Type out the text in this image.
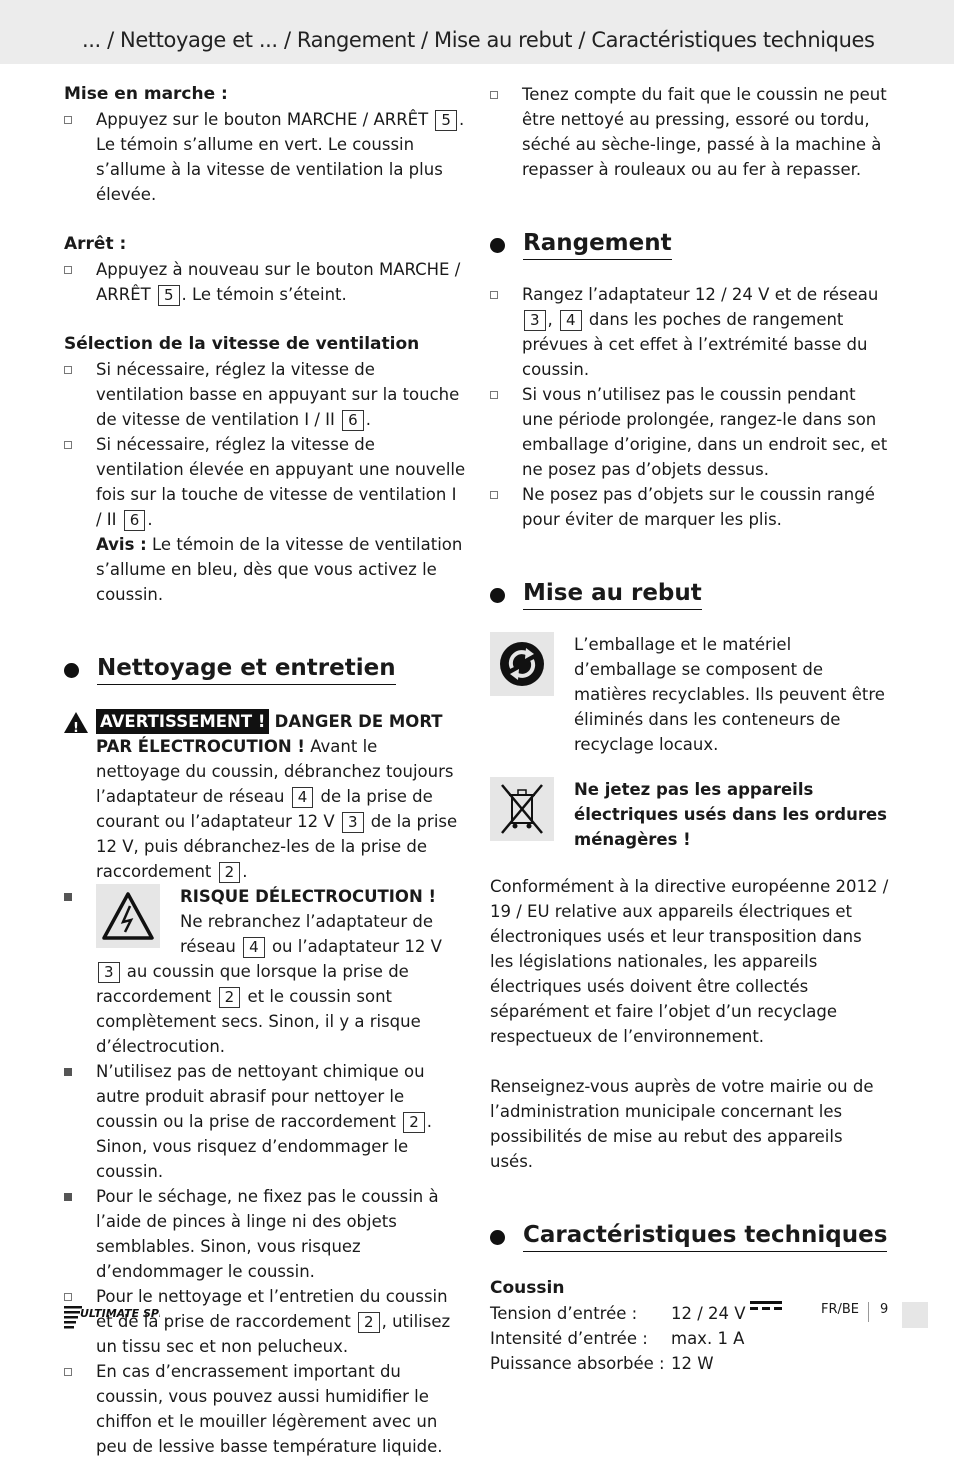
... / Nettoyage et ... / Rangement / Mise au rebut / Caractéristiques techniques
Mise en marche :
Appuyez sur le bouton MARCHE / ARRÊT 5 . Le témoin s’allume en vert. Le coussin s’allume à la vitesse de ventilation la plus élevée.
Arrêt :
Appuyez à nouveau sur le bouton MARCHE / ARRÊT 5 . Le témoin s’éteint.
Sélection de la vitesse de ventilation
Si nécessaire, réglez la vitesse de ventilation basse en appuyant sur la touche de vitesse de ventilation I / II 6 .
Si nécessaire, réglez la vitesse de ventilation élevée en appuyant une nouvelle fois sur la touche de vitesse de ventilation I / II 6 .
Avis : Le témoin de la vitesse de ventilation s’allume en bleu, dès que vous activez le coussin.
Nettoyage et entretien
!
AVERTISSEMENT ! DANGER DE MORT PAR ÉLECTROCUTION ! Avant le nettoyage du coussin, débranchez toujours l’adaptateur de réseau 4 de la prise de courant ou l’adaptateur 12 V 3 de la prise 12 V, puis débranchez-les de la prise de raccordement 2 .
RISQUE DÉLECTROCUTION !
Ne rebranchez l’adaptateur de réseau 4 ou l’adaptateur 12 V 3 au coussin que lorsque la prise de raccordement 2 et le coussin sont complètement secs. Sinon, il y a risque d’électrocution.
N’utilisez pas de nettoyant chimique ou autre produit abrasif pour nettoyer le coussin ou la prise de raccordement 2 . Sinon, vous risquez d’endommager le coussin.
Pour le séchage, ne fixez pas le coussin à l’aide de pinces à linge ni des objets semblables. Sinon, vous risquez d’endommager le coussin.
Pour le nettoyage et l’entretien du coussin et de la prise de raccordement 2 , utilisez un tissu sec et non pelucheux.
En cas d’encrassement important du coussin, vous pouvez aussi humidifier le chiffon et le mouiller légèrement avec un peu de lessive basse température liquide.
Tenez compte du fait que le coussin ne peut être nettoyé au pressing, essoré ou tordu, séché au sèche-linge, passé à la machine à repasser à rouleaux ou au fer à repasser.
Rangement
Rangez l’adaptateur 12 / 24 V et de réseau 3 , 4 dans les poches de rangement prévues à cet effet à l’extrémité basse du coussin.
Si vous n’utilisez pas le coussin pendant une période prolongée, rangez-le dans son emballage d’origine, dans un endroit sec, et ne posez pas d’objets dessus.
Ne posez pas d’objets sur le coussin rangé pour éviter de marquer les plis.
Mise au rebut
L’emballage et le matériel d’emballage se composent de matières recyclables. Ils peuvent être éliminés dans les conteneurs de recyclage locaux.
Ne jetez pas les appareils électriques usés dans les ordures ménagères !
Conformément à la directive européenne 2012 / 19 / EU relative aux appareils électriques et électroniques usés et leur transposition dans les législations nationales, les appareils électriques usés doivent être collectés séparément et faire l’objet d’un recyclage respectueux de l’environnement.
Renseignez-vous auprès de votre mairie ou de l’administration municipale concernant les possibilités de mise au rebut des appareils usés.
Caractéristiques techniques
Coussin
Tension d’entrée :	12 / 24 V
Intensité d’entrée :	max. 1 A
Puissance absorbée : 12 W
ULTIMATE SP	FR/BE 9
